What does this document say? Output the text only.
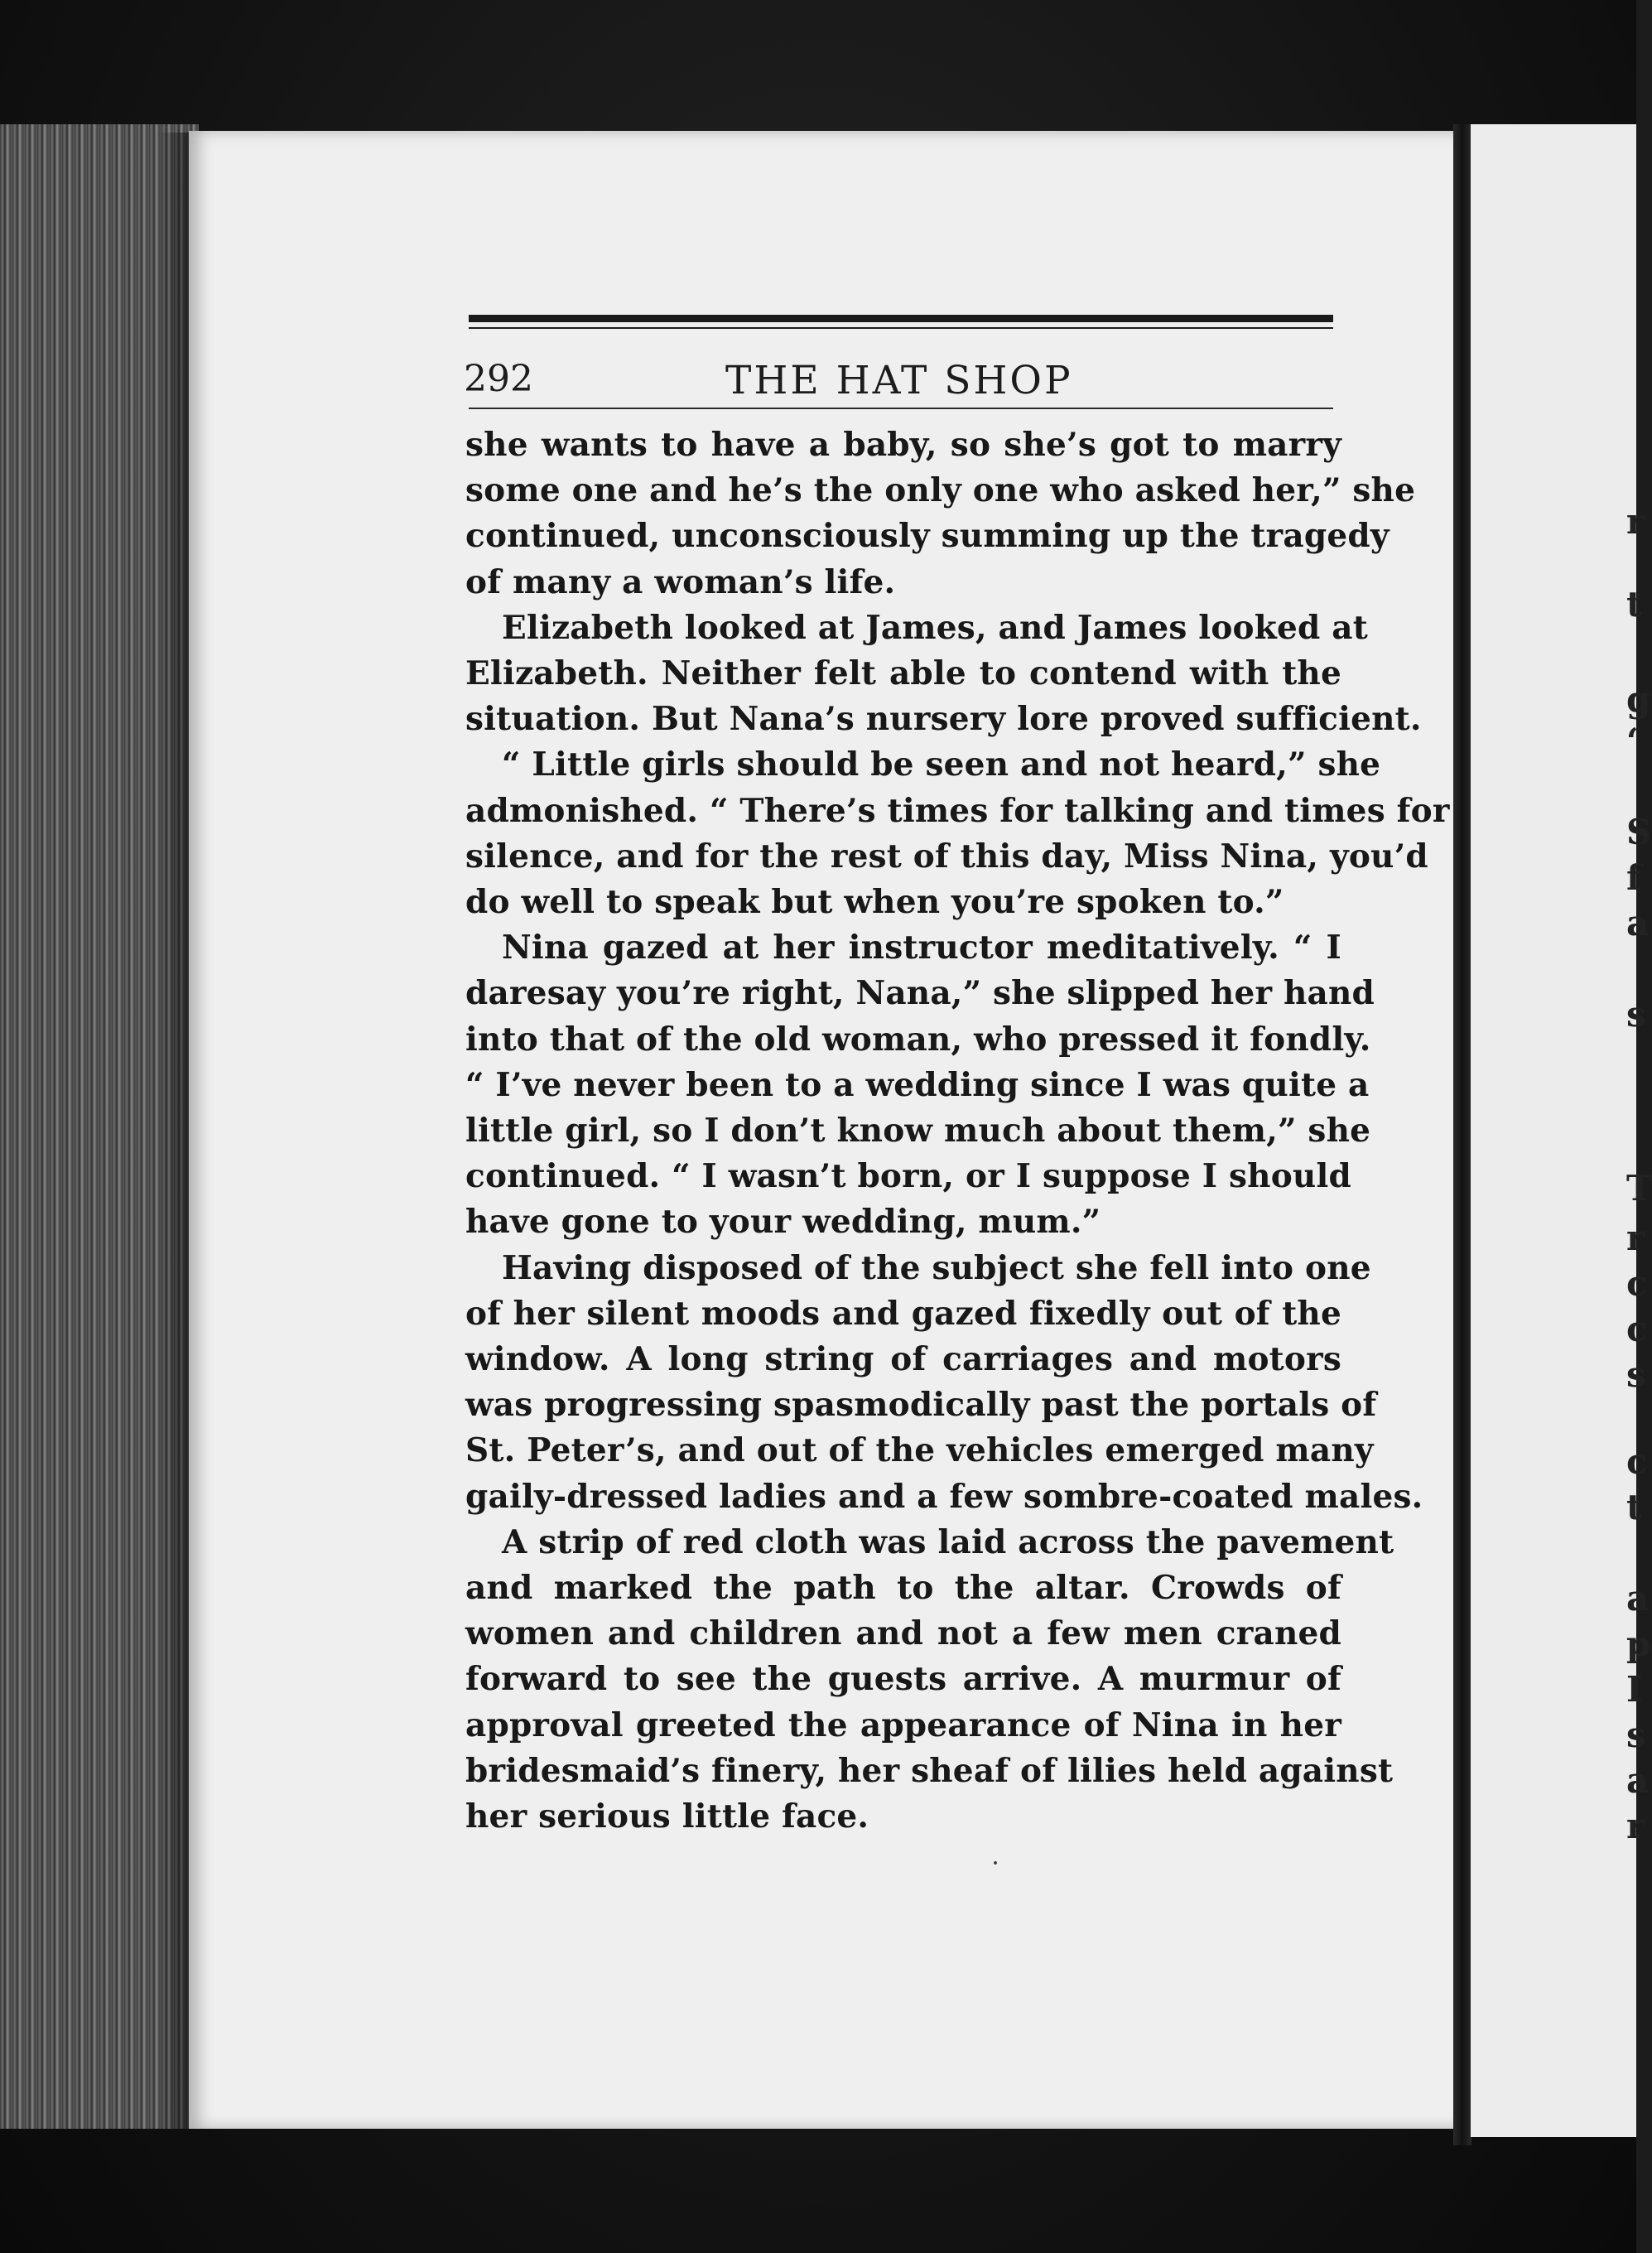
r
t
g
‘
S
f
a
s
T
r
c
c
s
c
t
a
p
I
s
a
r
292	THE HAT SHOP
she wants to have a baby, so she’s got to marry
some one and he’s the only one who asked her,” she
continued, unconsciously summing up the tragedy
of many a woman’s life.
Elizabeth looked at James, and James looked at
Elizabeth. Neither felt able to contend with the
situation. But Nana’s nursery lore proved sufficient.
“ Little girls should be seen and not heard,” she
admonished. “ There’s times for talking and times for
silence, and for the rest of this day, Miss Nina, you’d
do well to speak but when you’re spoken to.”
Nina gazed at her instructor meditatively. “ I
daresay you’re right, Nana,” she slipped her hand
into that of the old woman, who pressed it fondly.
“ I’ve never been to a wedding since I was quite a
little girl, so I don’t know much about them,” she
continued. “ I wasn’t born, or I suppose I should
have gone to your wedding, mum.”
Having disposed of the subject she fell into one
of her silent moods and gazed fixedly out of the
window. A long string of carriages and motors
was progressing spasmodically past the portals of
St. Peter’s, and out of the vehicles emerged many
gaily-dressed ladies and a few sombre-coated males.
A strip of red cloth was laid across the pavement
and marked the path to the altar. Crowds of
women and children and not a few men craned
forward to see the guests arrive. A murmur of
approval greeted the appearance of Nina in her
bridesmaid’s finery, her sheaf of lilies held against
her serious little face.
